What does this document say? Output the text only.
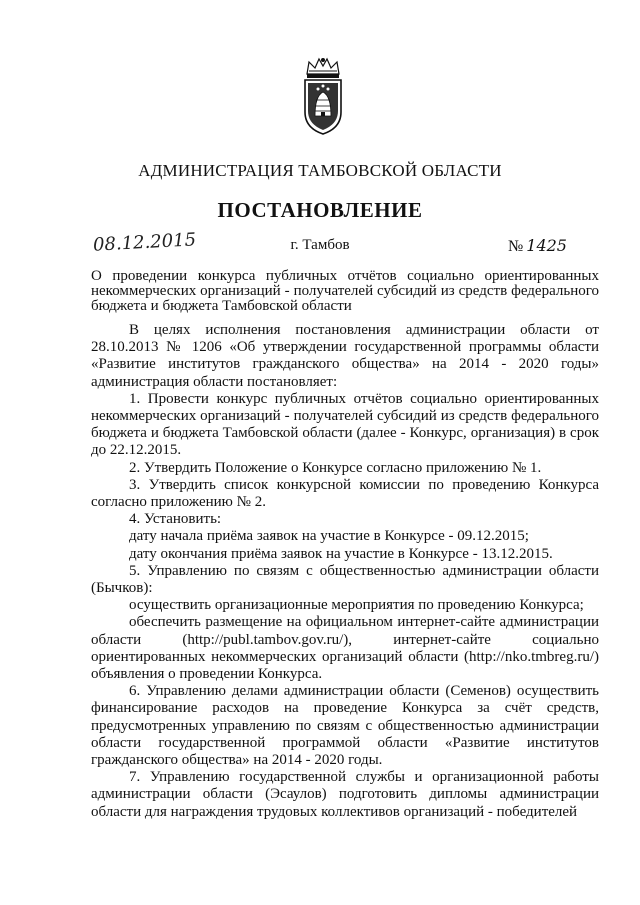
АДМИНИСТРАЦИЯ ТАМБОВСКОЙ ОБЛАСТИ
ПОСТАНОВЛЕНИЕ
08.12.2015	г. Тамбов	№ 1425
О проведении конкурса публичных отчётов социально ориентированных некоммерческих организаций - получателей субсидий из средств федерального бюджета и бюджета Тамбовской области

В целях исполнения постановления администрации области от 28.10.2013 № 1206 «Об утверждении государственной программы области «Развитие институтов гражданского общества» на 2014 - 2020 годы» администрация области постановляет:

1. Провести конкурс публичных отчётов социально ориентированных некоммерческих организаций - получателей субсидий из средств федерального бюджета и бюджета Тамбовской области (далее - Конкурс, организация) в срок до 22.12.2015.

2. Утвердить Положение о Конкурсе согласно приложению № 1.

3. Утвердить список конкурсной комиссии по проведению Конкурса согласно приложению № 2.

4. Установить:

дату начала приёма заявок на участие в Конкурсе - 09.12.2015;

дату окончания приёма заявок на участие в Конкурсе - 13.12.2015.

5. Управлению по связям с общественностью администрации области (Бычков):

осуществить организационные мероприятия по проведению Конкурса;

обеспечить размещение на официальном интернет-сайте администрации области (http://publ.tambov.gov.ru/), интернет-сайте социально ориентированных некоммерческих организаций области (http://nko.tmbreg.ru/) объявления о проведении Конкурса.

6. Управлению делами администрации области (Семенов) осуществить финансирование расходов на проведение Конкурса за счёт средств, предусмотренных управлению по связям с общественностью администрации области государственной программой области «Развитие институтов гражданского общества» на 2014 - 2020 годы.

7. Управлению государственной службы и организационной работы администрации области (Эсаулов) подготовить дипломы администрации области для награждения трудовых коллективов организаций - победителей
